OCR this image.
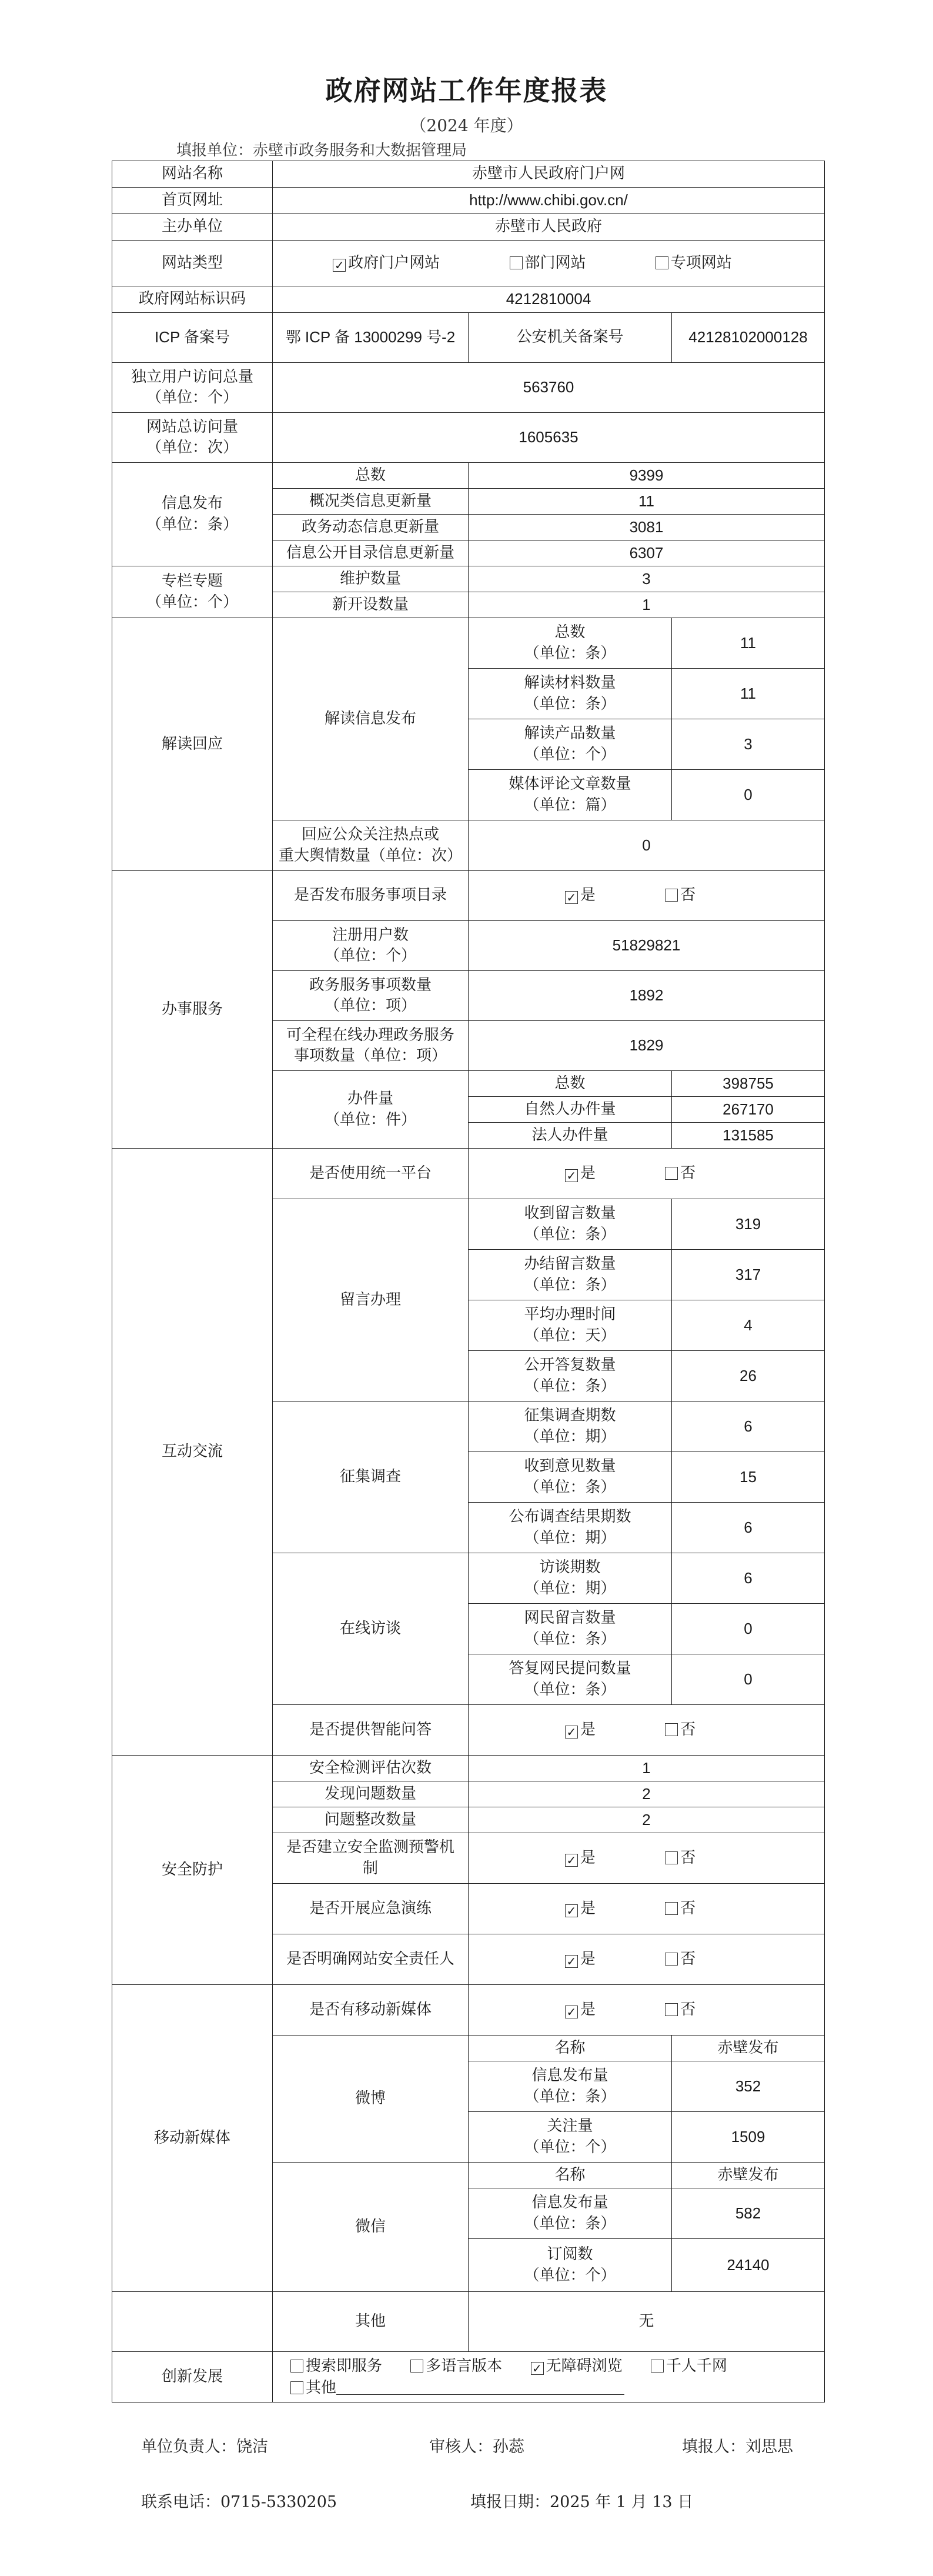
政府网站工作年度报表
（2024 年度）
填报单位：赤壁市政务服务和大数据管理局
网站名称	赤壁市人民政府门户网		
首页网址	http://www.chibi.gov.cn/		
主办单位	赤壁市人民政府		
网站类型	✓ 政府门户网站 部门网站 专项网站		
政府网站标识码	4212810004		
ICP 备案号	鄂 ICP 备 13000299 号-2	公安机关备案号	42128102000128
独立用户访问总量
（单位：个）	563760		
网站总访问量
（单位：次）	1605635		
信息发布
（单位：条）	总数	9399	
	概况类信息更新量	11	
	政务动态信息更新量	3081	
	信息公开目录信息更新量	6307	
专栏专题
（单位：个）	维护数量	3	
	新开设数量	1	
解读回应	解读信息发布	总数
（单位：条）	11
		解读材料数量
（单位：条）	11
		解读产品数量
（单位：个）	3
		媒体评论文章数量
（单位：篇）	0
	回应公众关注热点或
重大舆情数量（单位：次）	0	
办事服务	是否发布服务事项目录	✓ 是 否	
	注册用户数
（单位：个）	51829821	
	政务服务事项数量
（单位：项）	1892	
	可全程在线办理政务服务
事项数量（单位：项）	1829	
	办件量
（单位：件）	总数	398755
		自然人办件量	267170
		法人办件量	131585
互动交流	是否使用统一平台	✓ 是 否	
	留言办理	收到留言数量
（单位：条）	319
		办结留言数量
（单位：条）	317
		平均办理时间
（单位：天）	4
		公开答复数量
（单位：条）	26
	征集调查	征集调查期数
（单位：期）	6
		收到意见数量
（单位：条）	15
		公布调查结果期数
（单位：期）	6
	在线访谈	访谈期数
（单位：期）	6
		网民留言数量
（单位：条）	0
		答复网民提问数量
（单位：条）	0
	是否提供智能问答	✓ 是 否	
安全防护	安全检测评估次数	1	
	发现问题数量	2	
	问题整改数量	2	
	是否建立安全监测预警机
制	✓ 是 否	
	是否开展应急演练	✓ 是 否	
	是否明确网站安全责任人	✓ 是 否	
移动新媒体	是否有移动新媒体	✓ 是 否	
	微博	名称	赤壁发布
		信息发布量
（单位：条）	352
		关注量
（单位：个）	1509
	微信	名称	赤壁发布
		信息发布量
（单位：条）	582
		订阅数
（单位：个）	24140
	其他	无	
创新发展	搜索即服务 多语言版本 ✓ 无障碍浏览 千人千网
其他		
单位负责人：饶洁	审核人：孙蕊	填报人：刘思思
联系电话：0715-5330205	填报日期：2025 年 1 月 13 日
